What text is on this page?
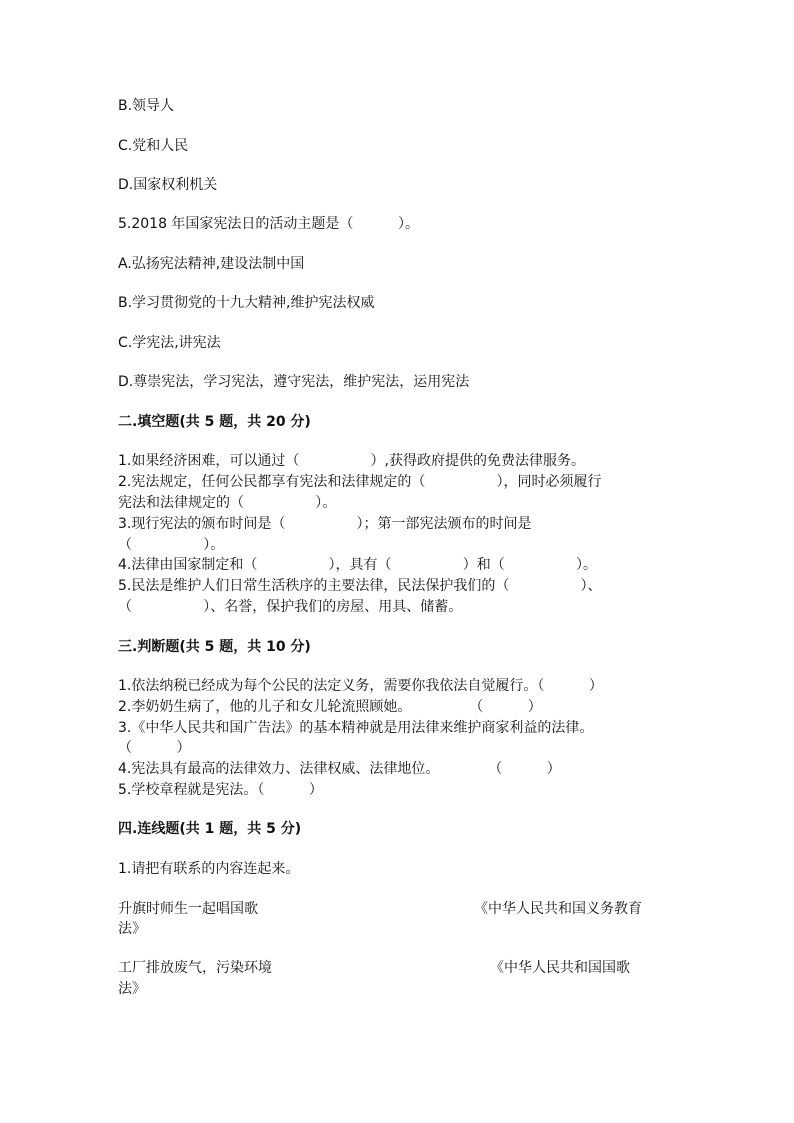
B.领导人

C.党和人民

D.国家权利机关

5.2018 年国家宪法日的活动主题是（          ）。

A.弘扬宪法精神,建设法制中国

B.学习贯彻党的十九大精神,维护宪法权威

C.学宪法,讲宪法

D.尊崇宪法，学习宪法，遵守宪法，维护宪法，运用宪法

二.填空题(共 5 题，共 20 分)

1.如果经济困难，可以通过（                ）,获得政府提供的免费法律服务。

2.宪法规定，任何公民都享有宪法和法律规定的（                ），同时必须履行

宪法和法律规定的（                ）。

3.现行宪法的颁布时间是（                ）；第一部宪法颁布的时间是

（                ）。

4.法律由国家制定和（                ），具有（                ）和（                ）。

5.民法是维护人们日常生活秩序的主要法律，民法保护我们的（                ）、

（                ）、名誉，保护我们的房屋、用具、储蓄。

三.判断题(共 5 题，共 10 分)

1.依法纳税已经成为每个公民的法定义务，需要你我依法自觉履行。（          ）

2.李奶奶生病了，他的儿子和女儿轮流照顾她。             （          ）

3.《中华人民共和国广告法》的基本精神就是用法律来维护商家利益的法律。

（          ）

4.宪法具有最高的法律效力、法律权威、法律地位。           （          ）

5.学校章程就是宪法。（          ）

四.连线题(共 1 题，共 5 分)

1.请把有联系的内容连起来。

升旗时师生一起唱国歌	《中华人民共和国义务教育

法》

工厂排放废气，污染环境	《中华人民共和国国歌

法》
